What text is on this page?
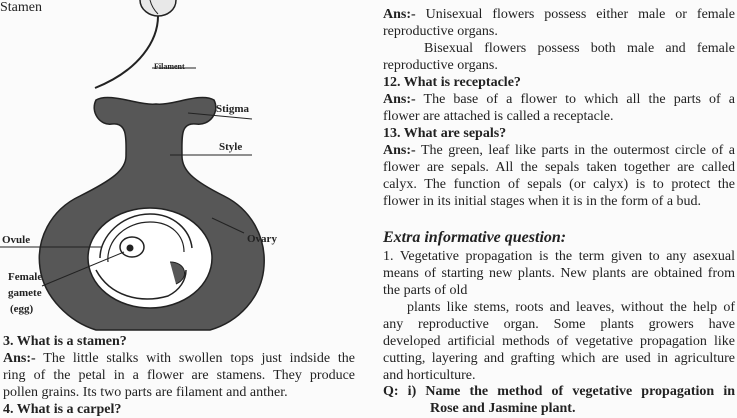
Stamen
Filament
Stigma
Style
Ovule	Ovary
Female
gamete
(egg)
3. What is a stamen?
Ans:- The little stalks with swollen tops just indside the
ring of the petal in a flower are stamens. They produce
pollen grains. Its two parts are filament and anther.
4. What is a carpel?
Ans:- Unisexual flowers possess either male or female
reproductive organs.
Bisexual flowers possess both male and female
reproductive organs.
12. What is receptacle?
Ans:- The base of a flower to which all the parts of a
flower are attached is called a receptacle.
13. What are sepals?
Ans:- The green, leaf like parts in the outermost circle of a
flower are sepals. All the sepals taken together are called
calyx. The function of sepals (or calyx) is to protect the
flower in its initial stages when it is in the form of a bud.
Extra informative question:
1. Vegetative propagation is the term given to any asexual
means of starting new plants. New plants are obtained from
the parts of old
plants like stems, roots and leaves, without the help of
any reproductive organ. Some plants growers have
developed artificial methods of vegetative propagation like
cutting, layering and grafting which are used in agriculture
and horticulture.
Q: i) Name the method of vegetative propagation in
Rose and Jasmine plant.
